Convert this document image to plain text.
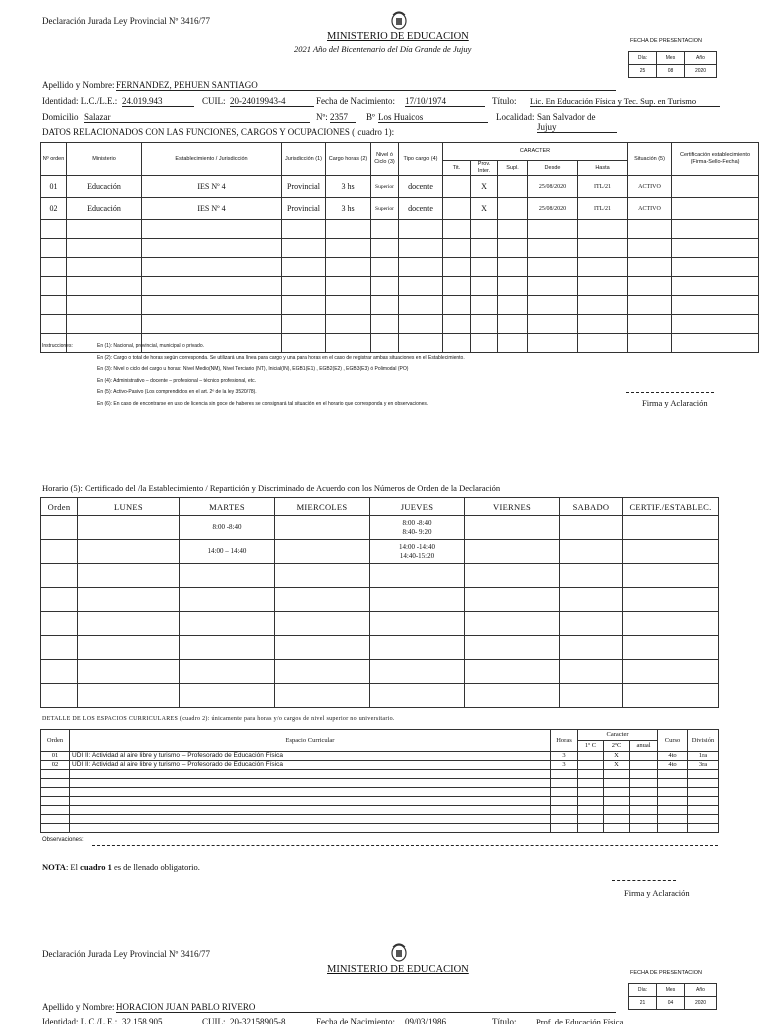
Declaración Jurada Ley Provincial Nº 3416/77
MINISTERIO DE EDUCACION
2021 Año del Bicentenario del Día Grande de Jujuy
FECHA DE PRESENTACION
Día:	Mes	Año
25	08	2020
Apellido y Nombre: FERNANDEZ, PEHUEN SANTIAGO
Identidad: L.C./L.E.: 24.019.943	CUIL: 20-24019943-4	Fecha de Nacimiento: 17/10/1974	Título: Lic. En Educación Física y Tec. Sup. en Turismo
Domicilio Salazar	Nº: 2357	Bº Los Huaicos	Localidad: San Salvador de Jujuy
DATOS RELACIONADOS CON LAS FUNCIONES, CARGOS Y OCUPACIONES ( cuadro 1):
Nº orden	Ministerio	Establecimiento / Jurisdicción	Jurisdicción (1)	Cargo horas (2)	Nivel ó Ciclo (3)	Tipo cargo (4)	CARACTER					Situación (5)	Certificación establecimiento (Firma-Sello-Fecha)
							Tit.	Prov. Inter.	Supl.	Desde	Hasta		
01	Educación	IES Nº 4	Provincial	3 hs	Superior	docente		X		25/08/2020	ITL/21	ACTIVO	
02	Educación	IES Nº 4	Provincial	3 hs	Superior	docente		X		25/08/2020	ITL/21	ACTIVO	

Instrucciones:	En (1): Nacional, provincial, municipal o privado.
En (2): Cargo o total de horas según corresponda. Se utilizará una línea para cargo y una para horas en el caso de registrar ambas situaciones en el Establecimiento.
En (3): Nivel o ciclo del cargo u horas: Nivel Medio(NM), Nivel Terciario (NT), Inicial(IN), EGB1(E1) , EGB2(E2) , EGB3(E3) ó Polimodal (PO)
En (4): Administrativo – docente – profesional – técnico profesional, etc.
En (5): Activo-Pasivo (Los comprendidos en el art. 2º de la ley 3520/78).
En (6): En caso de encontrarse en uso de licencia sin goce de haberes se consignará tal situación en el horario que corresponda y en observaciones.	Firma y Aclaración
Horario (5): Certificado del /la Establecimiento / Repartición y Discriminado de Acuerdo con los Números de Orden de la Declaración
Orden	LUNES	MARTES	MIERCOLES	JUEVES	VIERNES	SABADO	CERTIF./ESTABLEC.
		8:00 -8:40		8:00 -8:40
8:40- 9:20			
		14:00 – 14:40		14:00 -14:40
14:40-15:20			

DETALLE DE LOS ESPACIOS CURRICULARES (cuadro 2): únicamente para horas y/o cargos de nivel superior no universitario.
Orden	Espacio Curricular	Horas	Caracter			Curso	División
			1º C	2ºC	anual		
01	UDI II: Actividad al aire libre y turismo – Profesorado de Educación Física	3		X		4to	1ra
02	UDI II: Actividad al aire libre y turismo – Profesorado de Educación Física	3		X		4to	3ra

Observaciones:
NOTA: El cuadro 1 es de llenado obligatorio.
Firma y Aclaración
Declaración Jurada Ley Provincial Nº 3416/77
MINISTERIO DE EDUCACION	FECHA DE PRESENTACION
Día:	Mes	Año
21	04	2020
Apellido y Nombre: HORACION JUAN PABLO RIVERO
Identidad: L.C./L.E.: 32.158.905	CUIL: 20-32158905-8	Fecha de Nacimiento: 09/03/1986	Título: Prof. de Educación Física
